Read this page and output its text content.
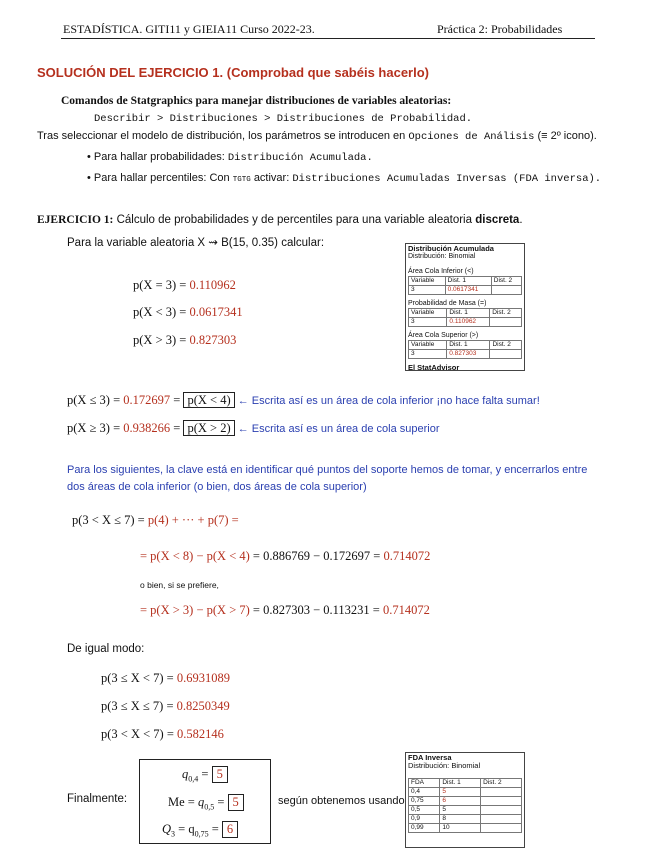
ESTADÍSTICA. GITI11 y GIEIA11 Curso 2022-23.	Práctica 2: Probabilidades
SOLUCIÓN DEL EJERCICIO 1. (Comprobad que sabéis hacerlo)
Comandos de Statgraphics para manejar distribuciones de variables aleatorias:
Describir > Distribuciones > Distribuciones de Probabilidad.
Tras seleccionar el modelo de distribución, los parámetros se introducen en Opciones de Análisis (≡ 2º icono).
• Para hallar probabilidades: Distribución Acumulada.
• Para hallar percentiles: Con TGTG activar: Distribuciones Acumuladas Inversas (FDA inversa).
EJERCICIO 1: Cálculo de probabilidades y de percentiles para una variable aleatoria discreta.
Para la variable aleatoria X ⇝ B(15, 0.35) calcular:
p(X = 3) = 0.110962
p(X < 3) = 0.0617341
p(X > 3) = 0.827303
Distribución Acumulada
Distribución: Binomial
Área Cola Inferior (<)
Variable	Dist. 1	Dist. 2
3	0.0617341	
Probabilidad de Masa (=)
Variable	Dist. 1	Dist. 2
3	0.110962	
Área Cola Superior (>)
Variable	Dist. 1	Dist. 2
3	0.827303	
El StatAdvisor
p(X ≤ 3) = 0.172697 = p(X < 4) ← Escrita así es un área de cola inferior ¡no hace falta sumar!
p(X ≥ 3) = 0.938266 = p(X > 2) ← Escrita así es un área de cola superior
Para los siguientes, la clave está en identificar qué puntos del soporte hemos de tomar, y encerrarlos entre
dos áreas de cola inferior (o bien, dos áreas de cola superior)
p(3 < X ≤ 7) = p(4) + ··· + p(7) =
= p(X < 8) − p(X < 4) = 0.886769 − 0.172697 = 0.714072
o bien, si se prefiere,
= p(X > 3) − p(X > 7) = 0.827303 − 0.113231 = 0.714072
De igual modo:
p(3 ≤ X < 7) = 0.6931089
p(3 ≤ X ≤ 7) = 0.8250349
p(3 < X < 7) = 0.582146
Finalmente:
$q_{0,4} = 5$
$Me = q_{0,5} = 5$
$Q_3 = q_{0,75} = 6$
según obtenemos usando
FDA Inversa
Distribución: Binomial
FDA	Dist. 1	Dist. 2
0,4	5	
0,75	6	
0,5	5	
0,9	8	
0,99	10	
